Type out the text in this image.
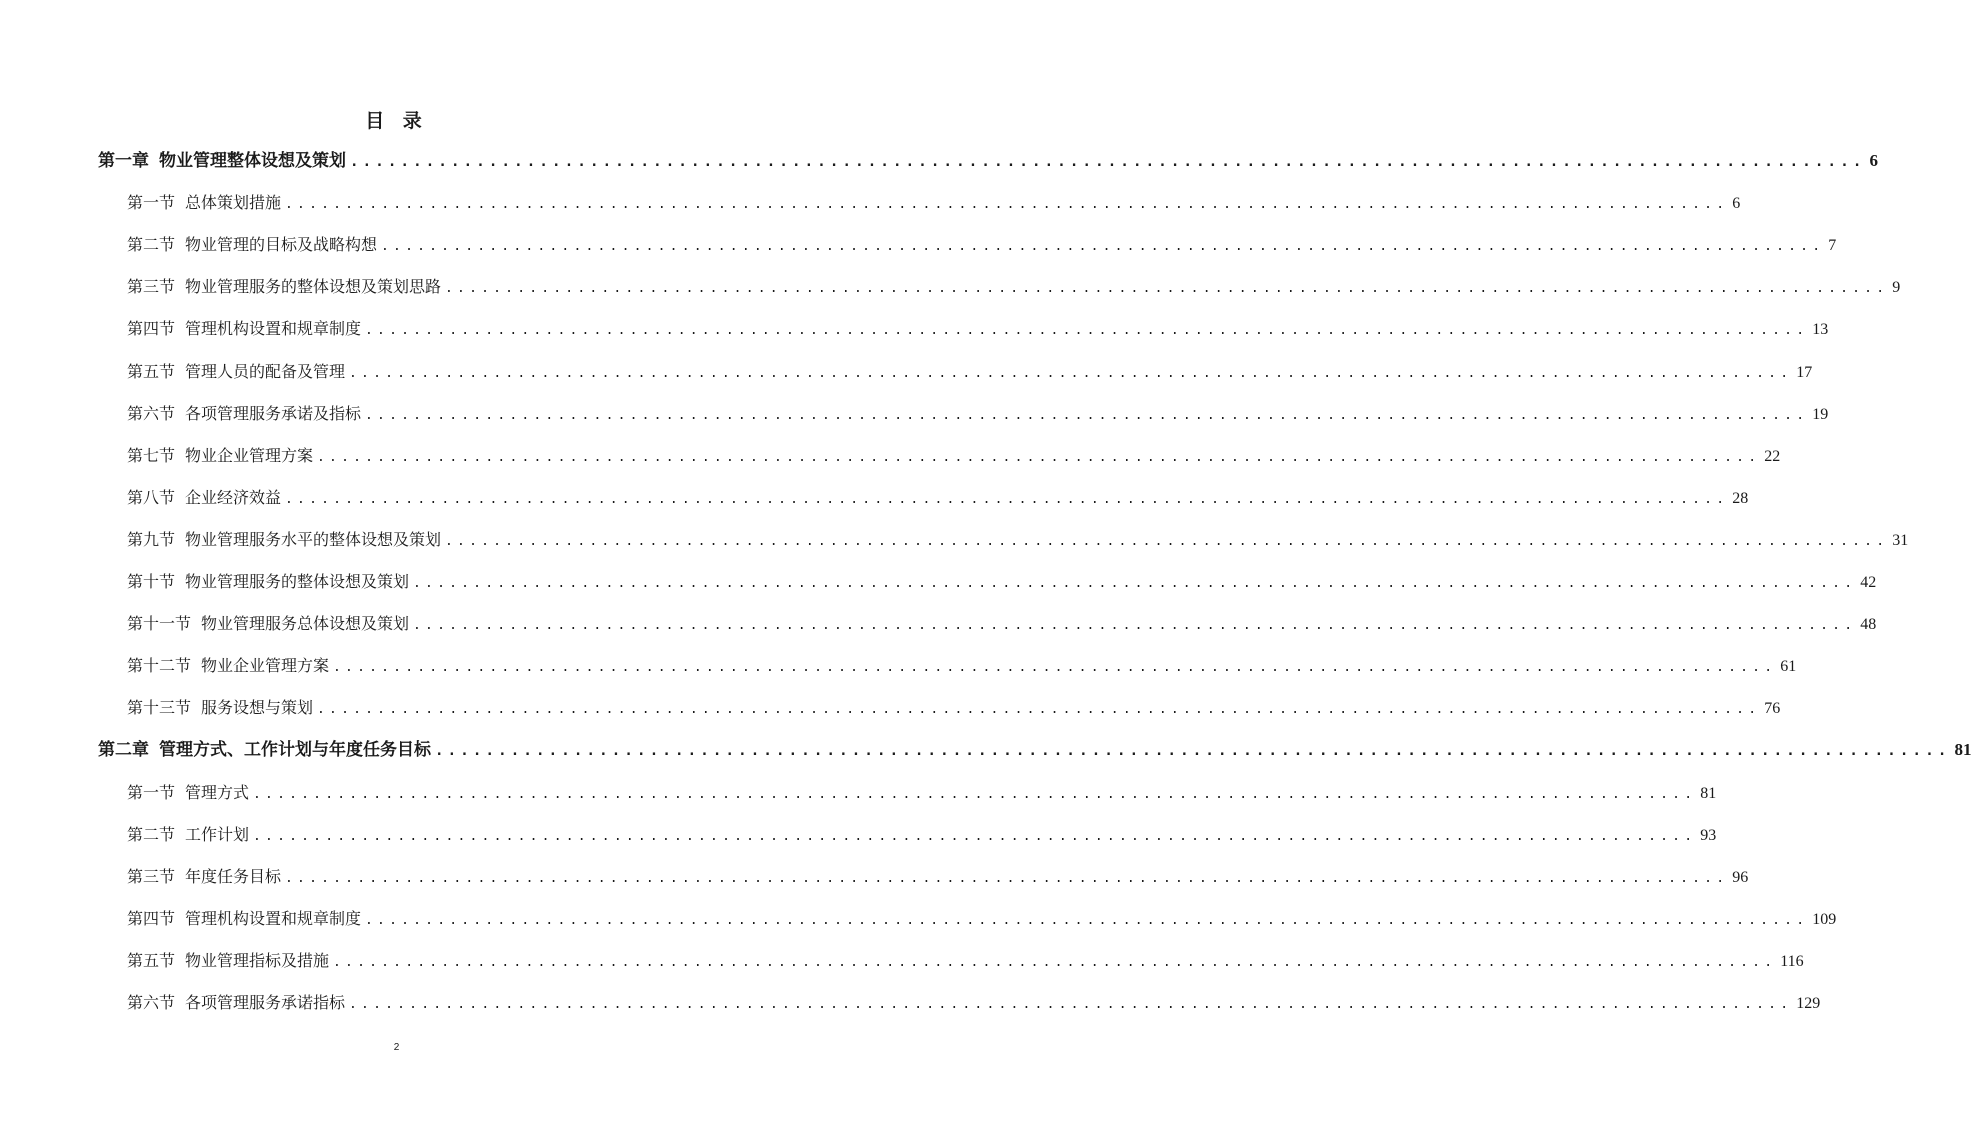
目 录
第一章 物业管理整体设想及策划 ........................................................................................................................ 6
第一节 总体策划措施 ........................................................................................................................ 6
第二节 物业管理的目标及战略构想 ........................................................................................................................ 7
第三节 物业管理服务的整体设想及策划思路 ........................................................................................................................ 9
第四节 管理机构设置和规章制度 ........................................................................................................................ 13
第五节 管理人员的配备及管理 ........................................................................................................................ 17
第六节 各项管理服务承诺及指标 ........................................................................................................................ 19
第七节 物业企业管理方案 ........................................................................................................................ 22
第八节 企业经济效益 ........................................................................................................................ 28
第九节 物业管理服务水平的整体设想及策划 ........................................................................................................................ 31
第十节 物业管理服务的整体设想及策划 ........................................................................................................................ 42
第十一节 物业管理服务总体设想及策划 ........................................................................................................................ 48
第十二节 物业企业管理方案 ........................................................................................................................ 61
第十三节 服务设想与策划 ........................................................................................................................ 76
第二章 管理方式、工作计划与年度任务目标 ........................................................................................................................ 81
第一节 管理方式 ........................................................................................................................ 81
第二节 工作计划 ........................................................................................................................ 93
第三节 年度任务目标 ........................................................................................................................ 96
第四节 管理机构设置和规章制度 ........................................................................................................................ 109
第五节 物业管理指标及措施 ........................................................................................................................ 116
第六节 各项管理服务承诺指标 ........................................................................................................................ 129
2
